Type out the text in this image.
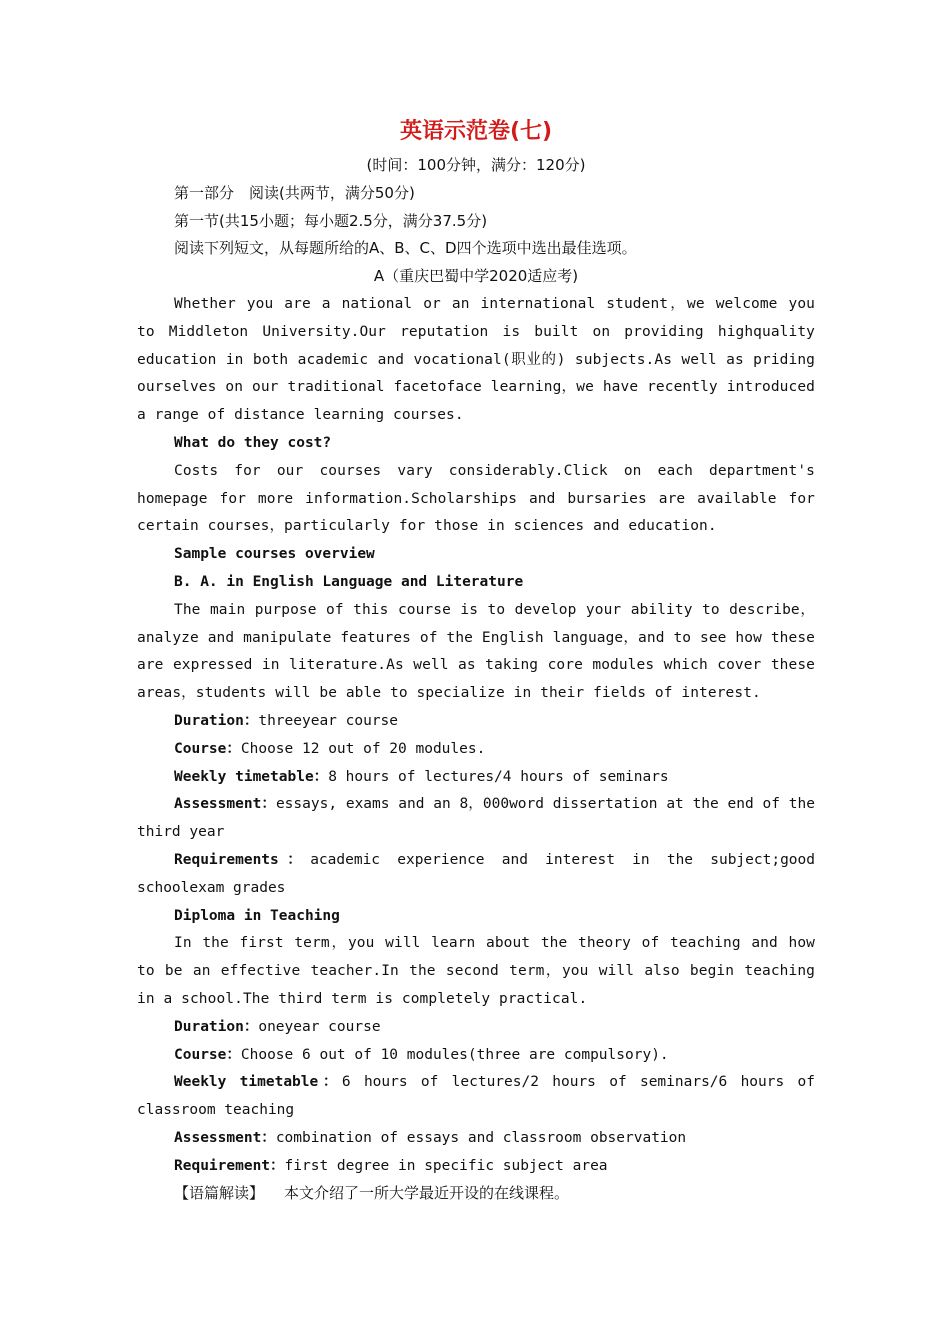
英语示范卷(七)
(时间：100分钟，满分：120分)
第一部分　阅读(共两节，满分50分)
第一节(共15小题；每小题2.5分，满分37.5分)
阅读下列短文，从每题所给的A、B、C、D四个选项中选出最佳选项。
A（重庆巴蜀中学2020适应考)

Whether you are a national or an international student，we welcome you to Middleton University.Our reputation is built on providing highquality education in both academic and vocational(职业的) subjects.As well as priding ourselves on our traditional facetoface learning，we have recently introduced a range of distance learning courses.

What do they cost?

Costs for our courses vary considerably.Click on each department's homepage for more information.Scholarships and bursaries are available for certain courses，particularly for those in sciences and education.

Sample courses overview
B. A. in English Language and Literature

The main purpose of this course is to develop your ability to describe，analyze and manipulate features of the English language，and to see how these are expressed in literature.As well as taking core modules which cover these areas，students will be able to specialize in their fields of interest.

Duration：threeyear course

Course：Choose 12 out of 20 modules.

Weekly timetable：8 hours of lectures/4 hours of seminars

Assessment：essays, exams and an 8，000word dissertation at the end of the third year

Requirements：academic experience and interest in the subject;good schoolexam grades

Diploma in Teaching

In the first term，you will learn about the theory of teaching and how to be an effective teacher.In the second term，you will also begin teaching in a school.The third term is completely practical.

Duration：oneyear course

Course：Choose 6 out of 10 modules(three are compulsory).

Weekly timetable：6 hours of lectures/2 hours of seminars/6 hours of classroom teaching

Assessment：combination of essays and classroom observation

Requirement：first degree in specific subject area

【语篇解读】 本文介绍了一所大学最近开设的在线课程。
